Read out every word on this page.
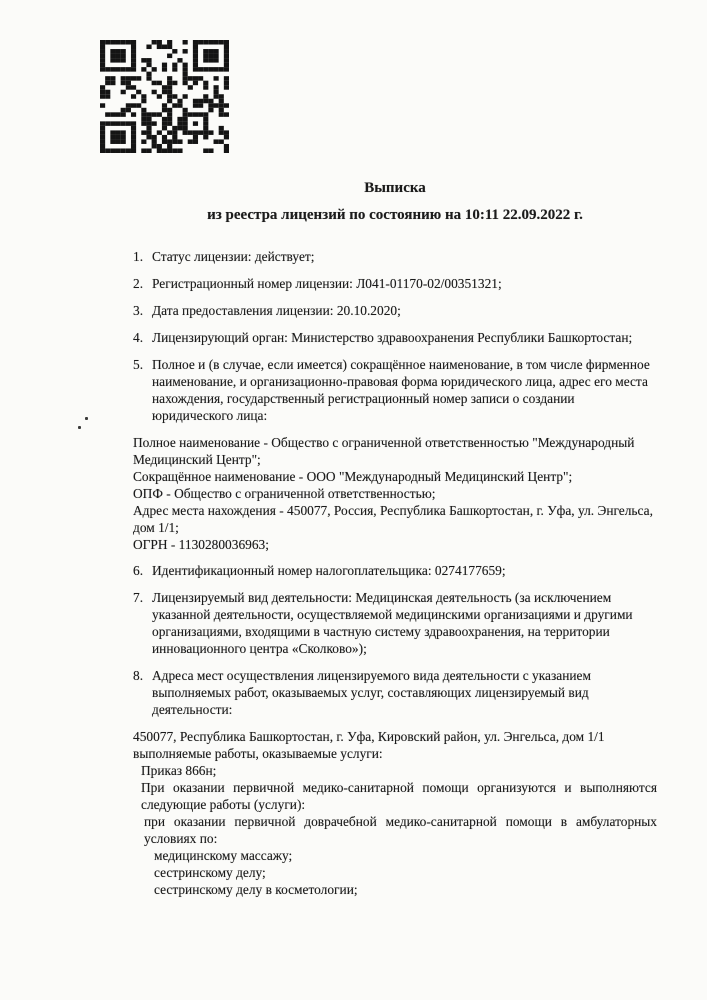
Выписка
из реестра лицензий по состоянию на 10:11 22.09.2022 г.
1. Статус лицензии: действует;
2. Регистрационный номер лицензии: Л041-01170-02/00351321;
3. Дата предоставления лицензии: 20.10.2020;
4. Лицензирующий орган: Министерство здравоохранения Республики Башкортостан;
5. Полное и (в случае, если имеется) сокращённое наименование, в том числе фирменное наименование, и организационно-правовая форма юридического лица, адрес его места нахождения, государственный регистрационный номер записи о создании юридического лица:
Полное наименование - Общество с ограниченной ответственностью "Международный Медицинский Центр";
Сокращённое наименование - ООО "Международный Медицинский Центр";
ОПФ - Общество с ограниченной ответственностью;
Адрес места нахождения - 450077, Россия, Республика Башкортостан, г. Уфа, ул. Энгельса, дом 1/1;
ОГРН - 1130280036963;
6. Идентификационный номер налогоплательщика: 0274177659;
7. Лицензируемый вид деятельности: Медицинская деятельность (за исключением указанной деятельности, осуществляемой медицинскими организациями и другими организациями, входящими в частную систему здравоохранения, на территории инновационного центра «Сколково»);
8. Адреса мест осуществления лицензируемого вида деятельности с указанием выполняемых работ, оказываемых услуг, составляющих лицензируемый вид деятельности:
450077, Республика Башкортостан, г. Уфа, Кировский район, ул. Энгельса, дом 1/1
выполняемые работы, оказываемые услуги:
Приказ 866н;
При оказании первичной медико-санитарной помощи организуются и выполняются следующие работы (услуги):
при оказании первичной доврачебной медико-санитарной помощи в амбулаторных условиях по:
медицинскому массажу;
сестринскому делу;
сестринскому делу в косметологии;
